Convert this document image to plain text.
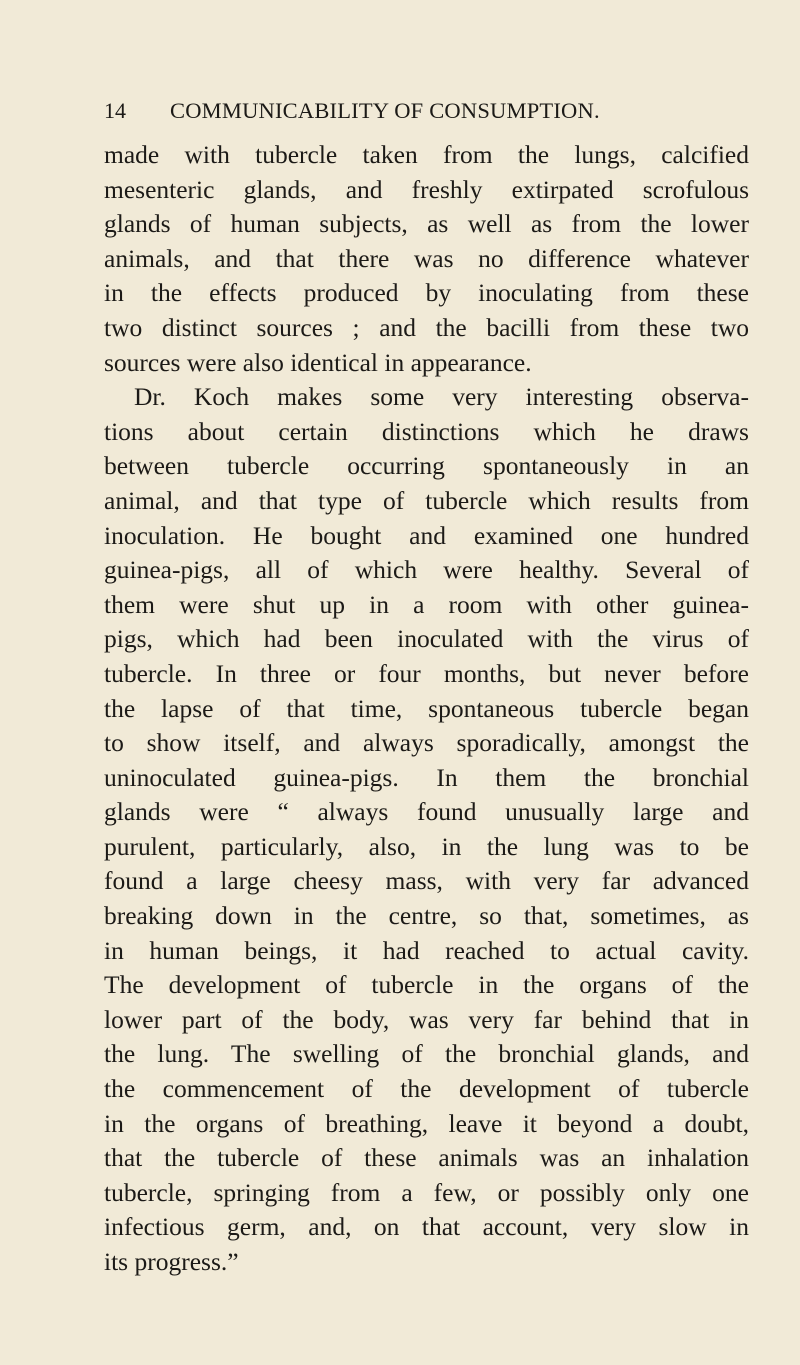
14 COMMUNICABILITY OF CONSUMPTION.
made with tubercle taken from the lungs, calcified
mesenteric glands, and freshly extirpated scrofulous
glands of human subjects, as well as from the lower
animals, and that there was no difference whatever
in the effects produced by inoculating from these
two distinct sources ; and the bacilli from these two
sources were also identical in appearance.
Dr. Koch makes some very interesting observa-
tions about certain distinctions which he draws
between tubercle occurring spontaneously in an
animal, and that type of tubercle which results from
inoculation. He bought and examined one hundred
guinea-pigs, all of which were healthy. Several of
them were shut up in a room with other guinea-
pigs, which had been inoculated with the virus of
tubercle. In three or four months, but never before
the lapse of that time, spontaneous tubercle began
to show itself, and always sporadically, amongst the
uninoculated guinea-pigs. In them the bronchial
glands were “ always found unusually large and
purulent, particularly, also, in the lung was to be
found a large cheesy mass, with very far advanced
breaking down in the centre, so that, sometimes, as
in human beings, it had reached to actual cavity.
The development of tubercle in the organs of the
lower part of the body, was very far behind that in
the lung. The swelling of the bronchial glands, and
the commencement of the development of tubercle
in the organs of breathing, leave it beyond a doubt,
that the tubercle of these animals was an inhalation
tubercle, springing from a few, or possibly only one
infectious germ, and, on that account, very slow in
its progress.”
